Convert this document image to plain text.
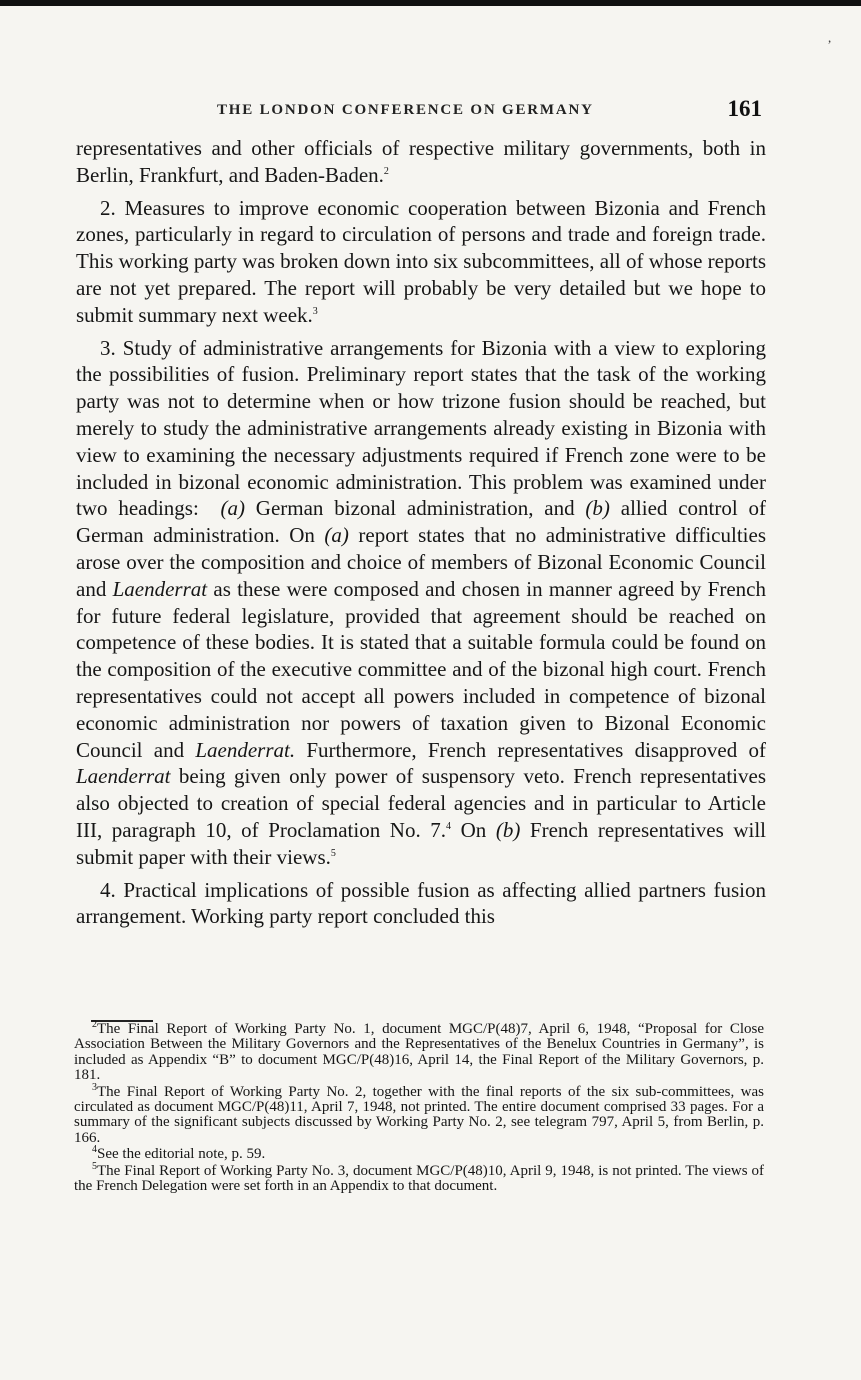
,
THE LONDON CONFERENCE ON GERMANY	161

representatives and other officials of respective military governments, both in Berlin, Frankfurt, and Baden-Baden.$^2$

2. Measures to improve economic cooperation between Bizonia and French zones, particularly in regard to circulation of persons and trade and foreign trade. This working party was broken down into six subcommittees, all of whose reports are not yet prepared. The report will probably be very detailed but we hope to submit summary next week.$^3$

3. Study of administrative arrangements for Bizonia with a view to exploring the possibilities of fusion. Preliminary report states that the task of the working party was not to determine when or how trizone fusion should be reached, but merely to study the administrative arrangements already existing in Bizonia with view to examining the necessary adjustments required if French zone were to be included in bizonal economic administration. This problem was examined under two headings: (a) German bizonal administration, and (b) allied control of German administration. On (a) report states that no administrative difficulties arose over the composition and choice of members of Bizonal Economic Council and Laenderrat as these were composed and chosen in manner agreed by French for future federal legislature, provided that agreement should be reached on competence of these bodies. It is stated that a suitable formula could be found on the composition of the executive committee and of the bizonal high court. French representatives could not accept all powers included in competence of bizonal economic administration nor powers of taxation given to Bizonal Economic Council and Laenderrat. Furthermore, French representatives disapproved of Laenderrat being given only power of suspensory veto. French representatives also objected to creation of special federal agencies and in particular to Article III, paragraph 10, of Proclamation No. 7.$^4$ On (b) French representatives will submit paper with their views.$^5$

4. Practical implications of possible fusion as affecting allied partners fusion arrangement. Working party report concluded this

$^2$The Final Report of Working Party No. 1, document MGC/P(48)7, April 6, 1948, “Proposal for Close Association Between the Military Governors and the Representatives of the Benelux Countries in Germany”, is included as Appendix “B” to document MGC/P(48)16, April 14, the Final Report of the Military Governors, p. 181.

$^3$The Final Report of Working Party No. 2, together with the final reports of the six sub-committees, was circulated as document MGC/P(48)11, April 7, 1948, not printed. The entire document comprised 33 pages. For a summary of the significant subjects discussed by Working Party No. 2, see telegram 797, April 5, from Berlin, p. 166.

$^4$See the editorial note, p. 59.

$^5$The Final Report of Working Party No. 3, document MGC/P(48)10, April 9, 1948, is not printed. The views of the French Delegation were set forth in an Appendix to that document.
